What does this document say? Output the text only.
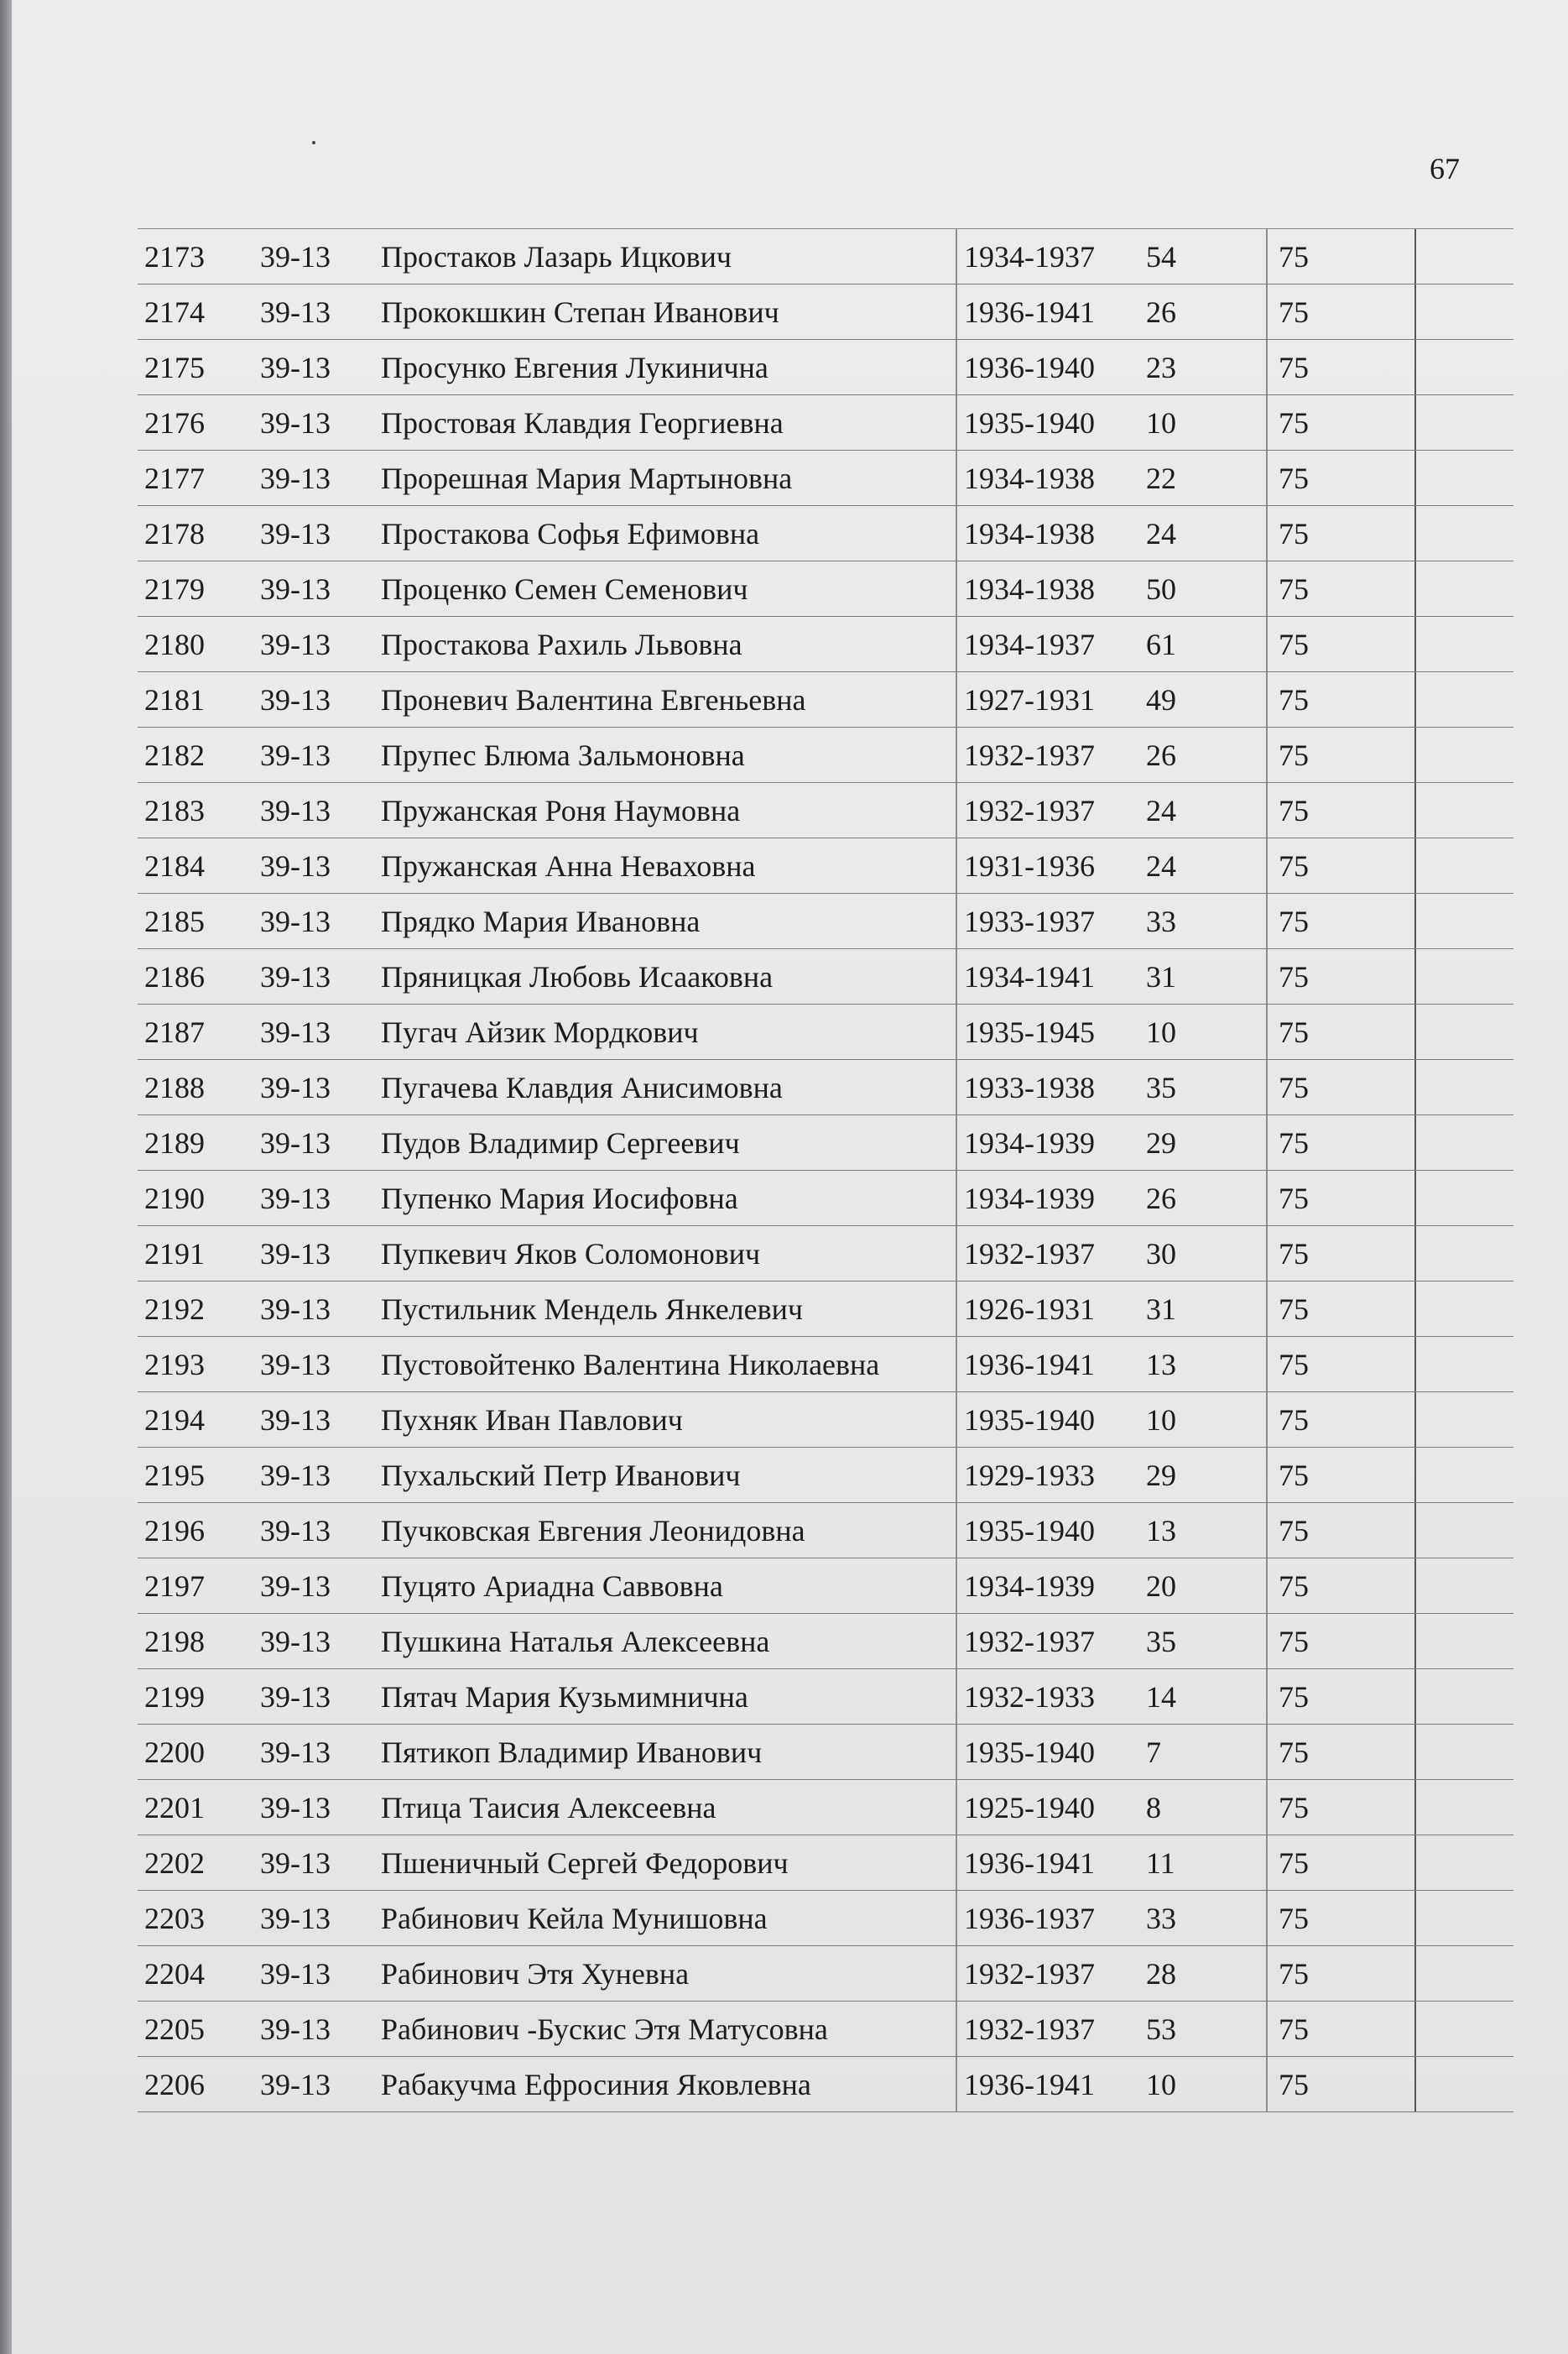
67
2173 39-13 Простаков Лазарь Ицкович	1934-1937 54	75
2174 39-13 Прококшкин Степан Иванович	1936-1941 26	75
2175 39-13 Просунко Евгения Лукинична	1936-1940 23	75
2176 39-13 Простовая Клавдия Георгиевна	1935-1940 10	75
2177 39-13 Прорешная Мария Мартыновна	1934-1938 22	75
2178 39-13 Простакова Софья Ефимовна	1934-1938 24	75
2179 39-13 Проценко Семен Семенович	1934-1938 50	75
2180 39-13 Простакова Рахиль Львовна	1934-1937 61	75
2181 39-13 Проневич Валентина Евгеньевна	1927-1931 49	75
2182 39-13 Прупес Блюма Зальмоновна	1932-1937 26	75
2183 39-13 Пружанская Роня Наумовна	1932-1937 24	75
2184 39-13 Пружанская Анна Неваховна	1931-1936 24	75
2185 39-13 Прядко Мария Ивановна	1933-1937 33	75
2186 39-13 Пряницкая Любовь Исааковна	1934-1941 31	75
2187 39-13 Пугач Айзик Мордкович	1935-1945 10	75
2188 39-13 Пугачева Клавдия Анисимовна	1933-1938 35	75
2189 39-13 Пудов Владимир Сергеевич	1934-1939 29	75
2190 39-13 Пупенко Мария Иосифовна	1934-1939 26	75
2191 39-13 Пупкевич Яков Соломонович	1932-1937 30	75
2192 39-13 Пустильник Мендель Янкелевич	1926-1931 31	75
2193 39-13 Пустовойтенко Валентина Николаевна	1936-1941 13	75
2194 39-13 Пухняк Иван Павлович	1935-1940 10	75
2195 39-13 Пухальский Петр Иванович	1929-1933 29	75
2196 39-13 Пучковская Евгения Леонидовна	1935-1940 13	75
2197 39-13 Пуцято Ариадна Саввовна	1934-1939 20	75
2198 39-13 Пушкина Наталья Алексеевна	1932-1937 35	75
2199 39-13 Пятач Мария Кузьмимнична	1932-1933 14	75
2200 39-13 Пятикоп Владимир Иванович	1935-1940 7	75
2201 39-13 Птица Таисия Алексеевна	1925-1940 8	75
2202 39-13 Пшеничный Сергей Федорович	1936-1941 11	75
2203 39-13 Рабинович Кейла Мунишовна	1936-1937 33	75
2204 39-13 Рабинович Этя Хуневна	1932-1937 28	75
2205 39-13 Рабинович -Бускис Этя Матусовна	1932-1937 53	75
2206 39-13 Рабакучма Ефросиния Яковлевна	1936-1941 10	75
